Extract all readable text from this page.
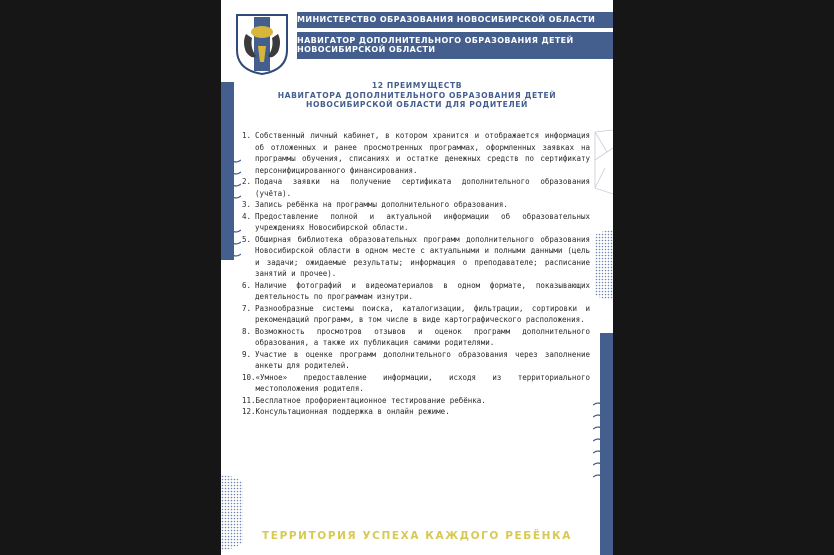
МИНИСТЕРСТВО ОБРАЗОВАНИЯ НОВОСИБИРСКОЙ ОБЛАСТИ
НАВИГАТОР ДОПОЛНИТЕЛЬНОГО ОБРАЗОВАНИЯ ДЕТЕЙ
НОВОСИБИРСКОЙ ОБЛАСТИ
12 ПРЕИМУЩЕСТВ
НАВИГАТОРА ДОПОЛНИТЕЛЬНОГО ОБРАЗОВАНИЯ ДЕТЕЙ
НОВОСИБИРСКОЙ ОБЛАСТИ ДЛЯ РОДИТЕЛЕЙ
1. Собственный личный кабинет, в котором хранится и отображается информация об отложенных и ранее просмотренных программах, оформленных заявках на программы обучения, списаниях и остатке денежных средств по сертификату персонифицированного финансирования.
2. Подача заявки на получение сертификата дополнительного образования (учёта).
3. Запись ребёнка на программы дополнительного образования.
4. Предоставление полной и актуальной информации об образовательных учреждениях Новосибирской области.
5. Обширная библиотека образовательных программ дополнительного образования Новосибирской области в одном месте с актуальными и полными данными (цель и задачи; ожидаемые результаты; информация о преподавателе; расписание занятий и прочее).
6. Наличие фотографий и видеоматериалов в одном формате, показывающих деятельность по программам изнутри.
7. Разнообразные системы поиска, каталогизации, фильтрации, сортировки и рекомендаций программ, в том числе в виде картографического расположения.
8. Возможность просмотров отзывов и оценок программ дополнительного образования, а также их публикация самими родителями.
9. Участие в оценке программ дополнительного образования через заполнение анкеты для родителей.
10. «Умное» предоставление информации, исходя из территориального местоположения родителя.
11. Бесплатное профориентационное тестирование ребёнка.
12. Консультационная поддержка в онлайн режиме.
ТЕРРИТОРИЯ УСПЕХА КАЖДОГО РЕБЁНКА
